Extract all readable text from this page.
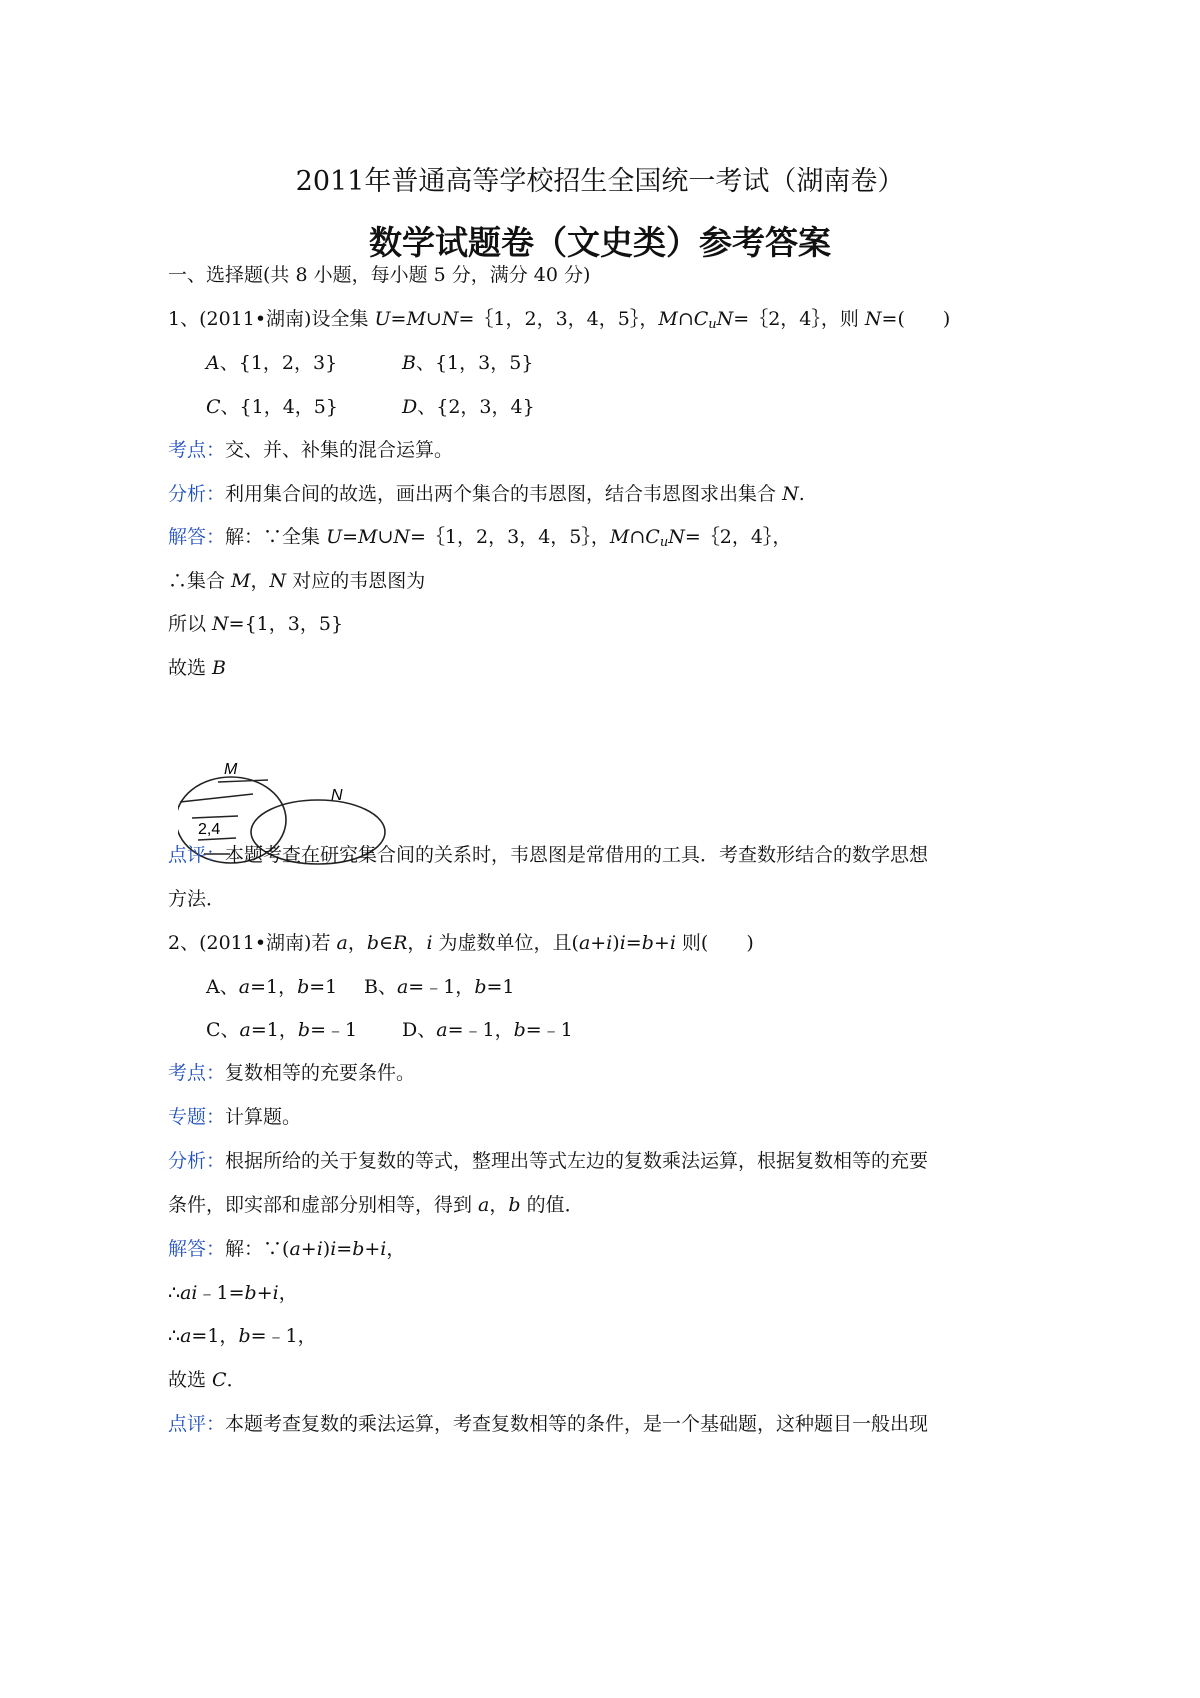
2011年普通高等学校招生全国统一考试（湖南卷）
数学试题卷（文史类）参考答案
一、选择题(共 8 小题，每小题 5 分，满分 40 分)
1、(2011•湖南)设全集 U=M∪N=｛1，2，3，4，5｝，$M\cap C_uN=\{2$，4｝，则 N=(　　)
A、{1，2，3}	B、{1，3，5}
C、{1，4，5}	D、{2，3，4}
考点：交、并、补集的混合运算。
分析：利用集合间的故选，画出两个集合的韦恩图，结合韦恩图求出集合 N.
解答：解：∵全集 U=M∪N=｛1，2，3，4，5｝，$M\cap C_uN=\{2$，4｝，
∴集合 M，N 对应的韦恩图为
所以 N={1，3，5}
故选 B
M
N
2,4
点评：本题考查在研究集合间的关系时，韦恩图是常借用的工具．考查数形结合的数学思想
方法．
2、(2011•湖南)若 a，b∈R，i 为虚数单位，且(a+i)i=b+i 则(　　)
A、a=1，b=1 B、a=﹣1，b=1
C、a=1，b=﹣1 D、a=﹣1，b=﹣1
考点：复数相等的充要条件。
专题：计算题。
分析：根据所给的关于复数的等式，整理出等式左边的复数乘法运算，根据复数相等的充要
条件，即实部和虚部分别相等，得到 a，b 的值．
解答：解：∵(a+i)i=b+i，
∴ai﹣1=b+i，
∴a=1，b=﹣1，
故选 C．
点评：本题考查复数的乘法运算，考查复数相等的条件，是一个基础题，这种题目一般出现
